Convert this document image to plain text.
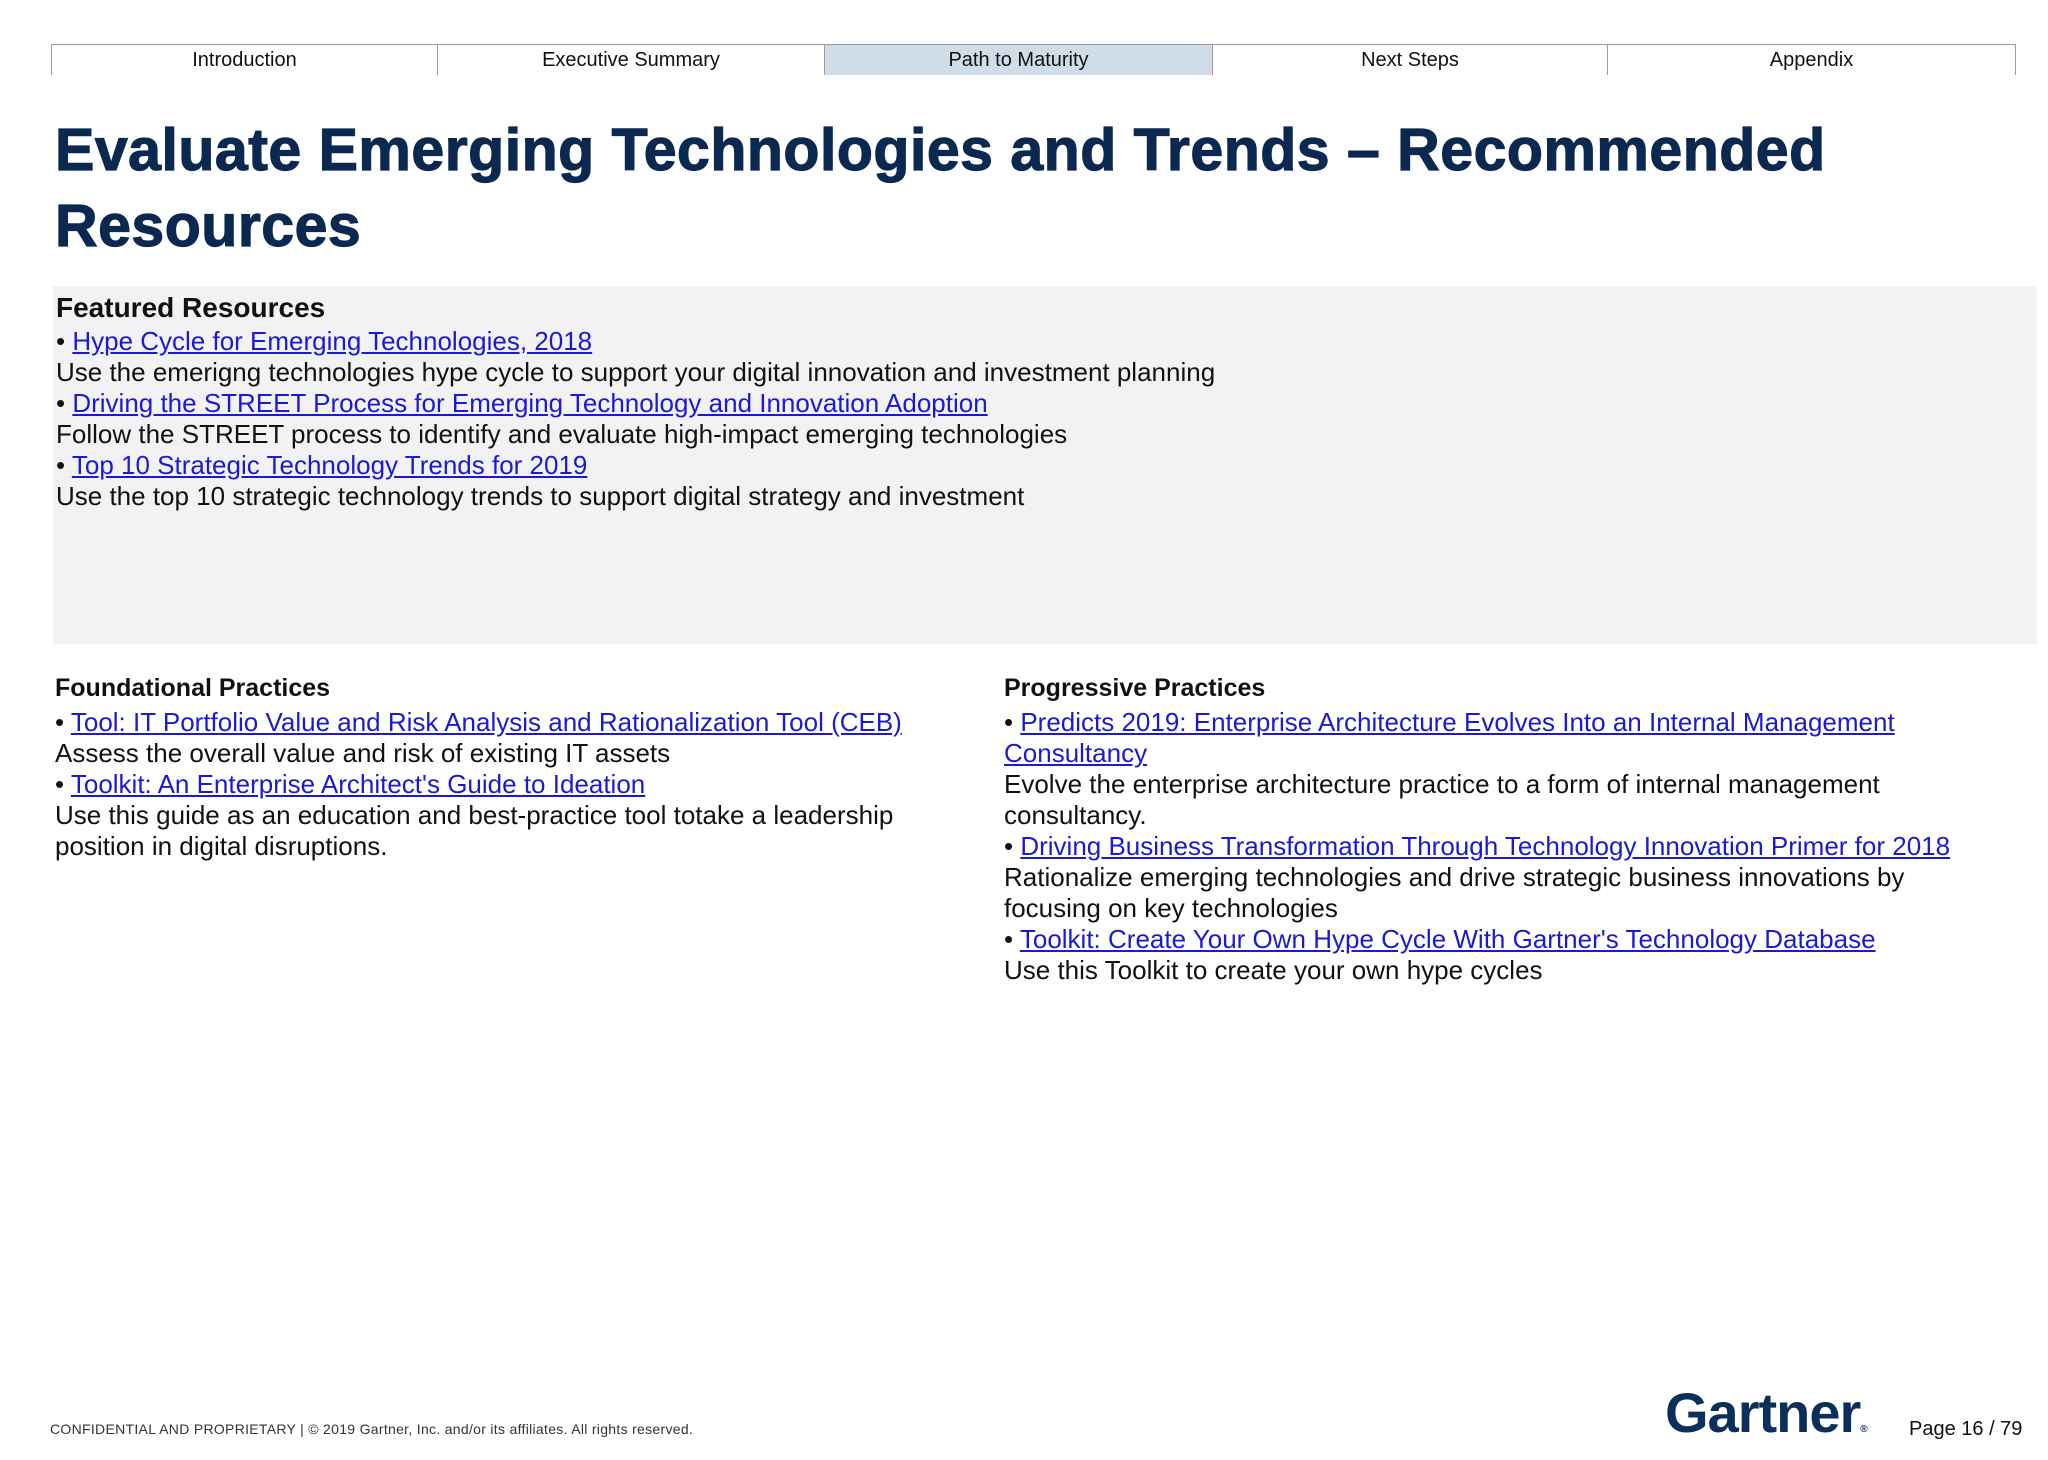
Introduction	Executive Summary	Path to Maturity	Next Steps	Appendix
Evaluate Emerging Technologies and Trends – Recommended Resources

Featured Resources

• Hype Cycle for Emerging Technologies, 2018

Use the emerigng technologies hype cycle to support your digital innovation and investment planning

• Driving the STREET Process for Emerging Technology and Innovation Adoption

Follow the STREET process to identify and evaluate high-impact emerging technologies

• Top 10 Strategic Technology Trends for 2019

Use the top 10 strategic technology trends to support digital strategy and investment

Foundational Practices

• Tool: IT Portfolio Value and Risk Analysis and Rationalization Tool (CEB)

Assess the overall value and risk of existing IT assets

• Toolkit: An Enterprise Architect's Guide to Ideation

Use this guide as an education and best-practice tool totake a leadership position in digital disruptions.

Progressive Practices

• Predicts 2019: Enterprise Architecture Evolves Into an Internal Management Consultancy

Evolve the enterprise architecture practice to a form of internal management consultancy.

• Driving Business Transformation Through Technology Innovation Primer for 2018

Rationalize emerging technologies and drive strategic business innovations by focusing on key technologies

• Toolkit: Create Your Own Hype Cycle With Gartner's Technology Database

Use this Toolkit to create your own hype cycles

CONFIDENTIAL AND PROPRIETARY | © 2019 Gartner, Inc. and/or its affiliates. All rights reserved.	Gartner® Page 16 / 79
